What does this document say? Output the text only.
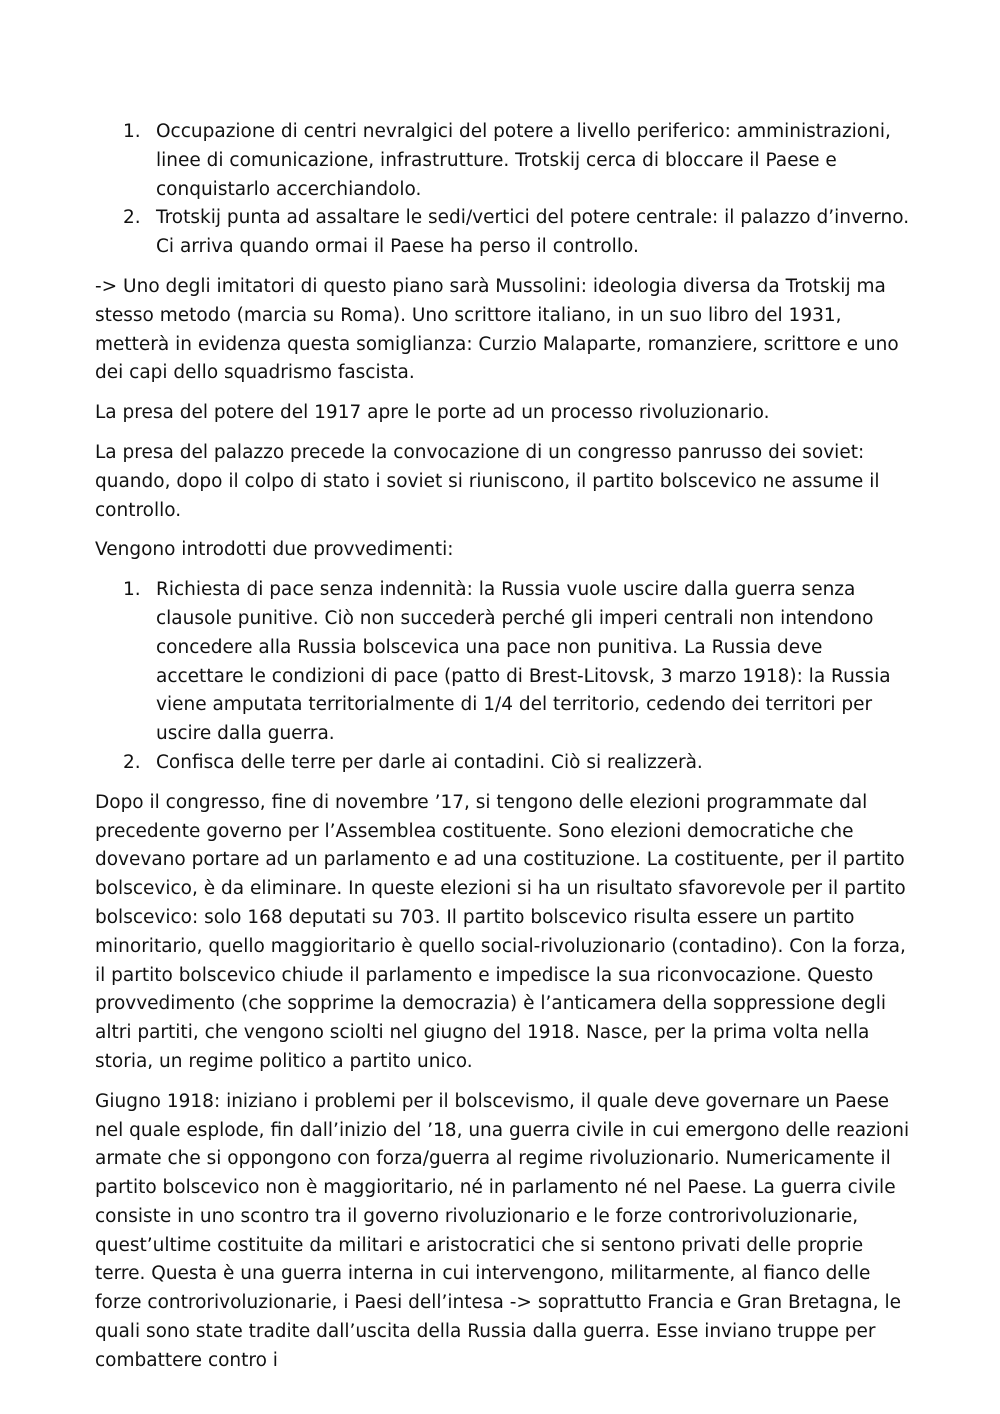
1. Occupazione di centri nevralgici del potere a livello periferico: amministrazioni, linee di comunicazione, infrastrutture. Trotskij cerca di bloccare il Paese e conquistarlo accerchiandolo.
2. Trotskij punta ad assaltare le sedi/vertici del potere centrale: il palazzo d’inverno. Ci arriva quando ormai il Paese ha perso il controllo.

-> Uno degli imitatori di questo piano sarà Mussolini: ideologia diversa da Trotskij ma stesso metodo (marcia su Roma). Uno scrittore italiano, in un suo libro del 1931, metterà in evidenza questa somiglianza: Curzio Malaparte, romanziere, scrittore e uno dei capi dello squadrismo fascista.

La presa del potere del 1917 apre le porte ad un processo rivoluzionario.

La presa del palazzo precede la convocazione di un congresso panrusso dei soviet: quando, dopo il colpo di stato i soviet si riuniscono, il partito bolscevico ne assume il controllo.

Vengono introdotti due provvedimenti:

1. Richiesta di pace senza indennità: la Russia vuole uscire dalla guerra senza clausole punitive. Ciò non succederà perché gli imperi centrali non intendono concedere alla Russia bolscevica una pace non punitiva. La Russia deve accettare le condizioni di pace (patto di Brest-Litovsk, 3 marzo 1918): la Russia viene amputata territorialmente di 1/4 del territorio, cedendo dei territori per uscire dalla guerra.
2. Confisca delle terre per darle ai contadini. Ciò si realizzerà.

Dopo il congresso, fine di novembre ’17, si tengono delle elezioni programmate dal precedente governo per l’Assemblea costituente. Sono elezioni democratiche che dovevano portare ad un parlamento e ad una costituzione. La costituente, per il partito bolscevico, è da eliminare. In queste elezioni si ha un risultato sfavorevole per il partito bolscevico: solo 168 deputati su 703. Il partito bolscevico risulta essere un partito minoritario, quello maggioritario è quello social-rivoluzionario (contadino). Con la forza, il partito bolscevico chiude il parlamento e impedisce la sua riconvocazione. Questo provvedimento (che sopprime la democrazia) è l’anticamera della soppressione degli altri partiti, che vengono sciolti nel giugno del 1918. Nasce, per la prima volta nella storia, un regime politico a partito unico.

Giugno 1918: iniziano i problemi per il bolscevismo, il quale deve governare un Paese nel quale esplode, fin dall’inizio del ’18, una guerra civile in cui emergono delle reazioni armate che si oppongono con forza/guerra al regime rivoluzionario. Numericamente il partito bolscevico non è maggioritario, né in parlamento né nel Paese. La guerra civile consiste in uno scontro tra il governo rivoluzionario e le forze controrivoluzionarie, quest’ultime costituite da militari e aristocratici che si sentono privati delle proprie terre. Questa è una guerra interna in cui intervengono, militarmente, al fianco delle forze controrivoluzionarie, i Paesi dell’intesa -> soprattutto Francia e Gran Bretagna, le quali sono state tradite dall’uscita della Russia dalla guerra. Esse inviano truppe per combattere contro i
